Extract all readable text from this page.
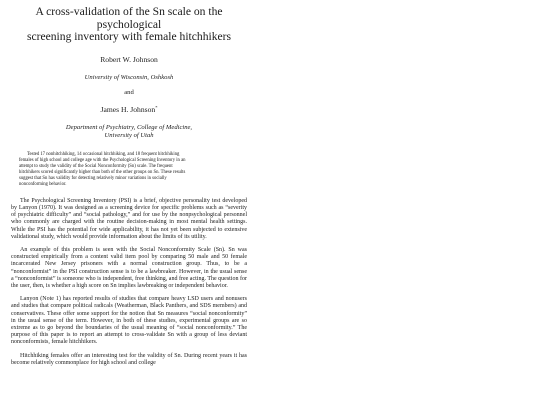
A cross-validation of the Sn scale on the
psychological
screening inventory with female hitchhikers
Robert W. Johnson
University of Wisconsin, Oshkosh
and
James H. Johnson*
Department of Psychiatry, College of Medicine,
University of Utah
Tested 17 nonhitchhiking, 14 occasional hitchhiking, and 18 frequent hitchhiking
females of high school and college age with the Psychological Screening Inventory in an
attempt to study the validity of the Social Nonconformity (Sn) scale. The frequent
hitchhikers scored significantly higher than both of the other groups on Sn. These results
suggest that Sn has validity for detecting relatively minor variations in socially
nonconforming behavior.

The Psychological Screening Inventory (PSI) is a brief, objective personality test developed by Lanyon (1970). It was designed as a screening device for specific problems such as “severity of psychiatric difficulty” and “social pathology,” and for use by the nonpsychological personnel who commonly are charged with the routine decision-making in most mental health settings. While the PSI has the potential for wide applicability, it has not yet been subjected to extensive validational study, which would provide information about the limits of its utility.

An example of this problem is seen with the Social Nonconformity Scale (Sn). Sn was constructed empirically from a content valid item pool by comparing 50 male and 50 female incarcerated New Jersey prisoners with a normal construction group. Thus, to be a “nonconformist” in the PSI construction sense is to be a lawbreaker. However, in the usual sense a “nonconformist” is someone who is independent, free thinking, and free acting. The question for the user, then, is whether a high score on Sn implies lawbreaking or independent behavior.

Lanyon (Note 1) has reported results of studies that compare heavy LSD users and nonusers and studies that compare political radicals (Weatherman, Black Panthers, and SDS members) and conservatives. These offer some support for the notion that Sn measures “social nonconformity” in the usual sense of the term. However, in both of these studies, experimental groups are so extreme as to go beyond the boundaries of the usual meaning of “social nonconformity.” The purpose of this paper is to report an attempt to cross-validate Sn with a group of less deviant nonconformists, female hitchhikers.

Hitchhiking females offer an interesting test for the validity of Sn. During recent years it has become relatively commonplace for high school and college
